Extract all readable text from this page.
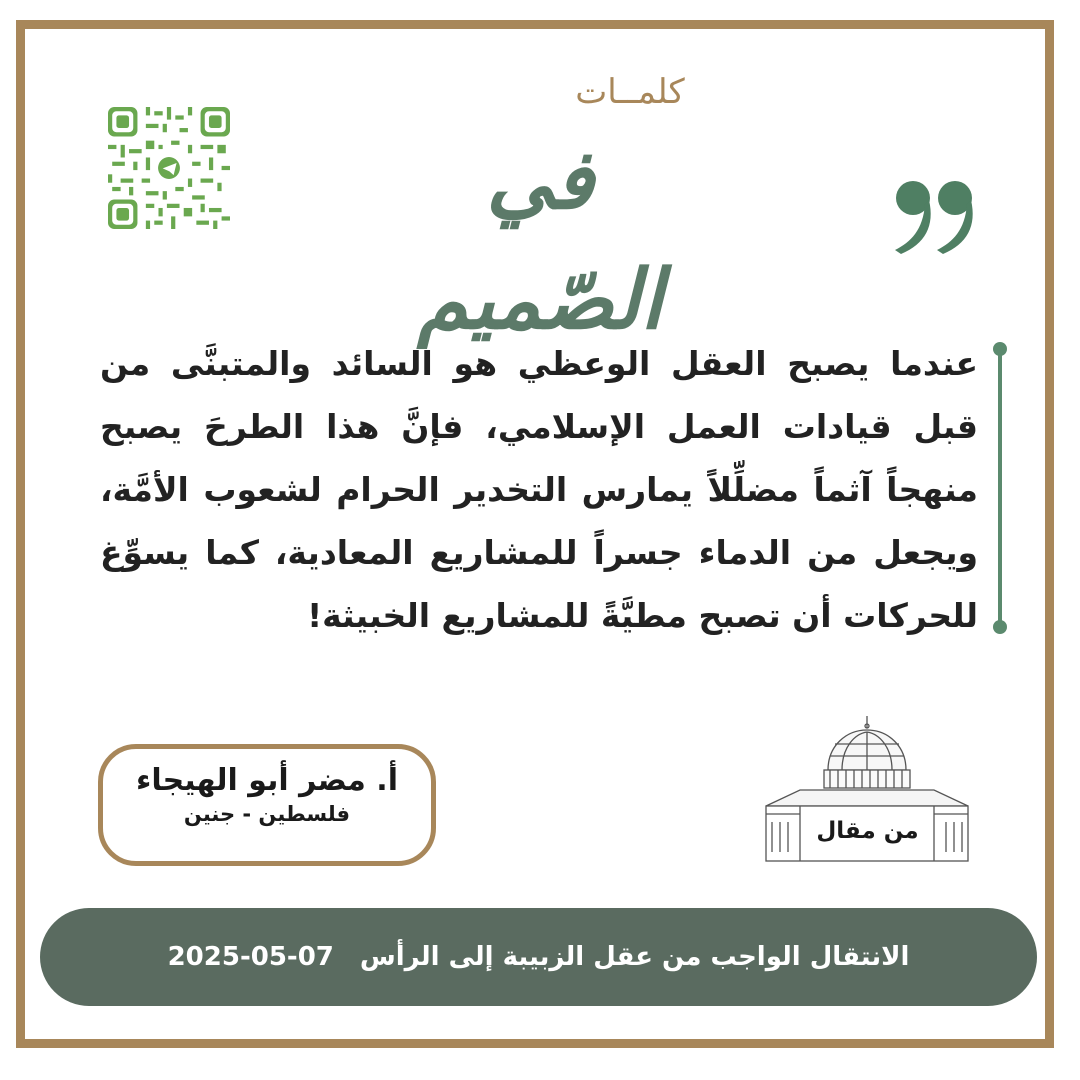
كلمــات
في الصّميم
عندما يصبح العقل الوعظي هو السائد والمتبنَّى من قبل قيادات العمل الإسلامي، فإنَّ هذا الطرحَ يصبح منهجاً آثماً مضلِّلاً يمارس التخدير الحرام لشعوب الأمَّة، ويجعل من الدماء جسراً للمشاريع المعادية، كما يسوِّغ للحركات أن تصبح مطيَّةً للمشاريع الخبيثة!
أ. مضر أبو الهيجاء
فلسطين - جنين
من مقال
الانتقال الواجب من عقل الزبيبة إلى الرأس
2025-05-07
